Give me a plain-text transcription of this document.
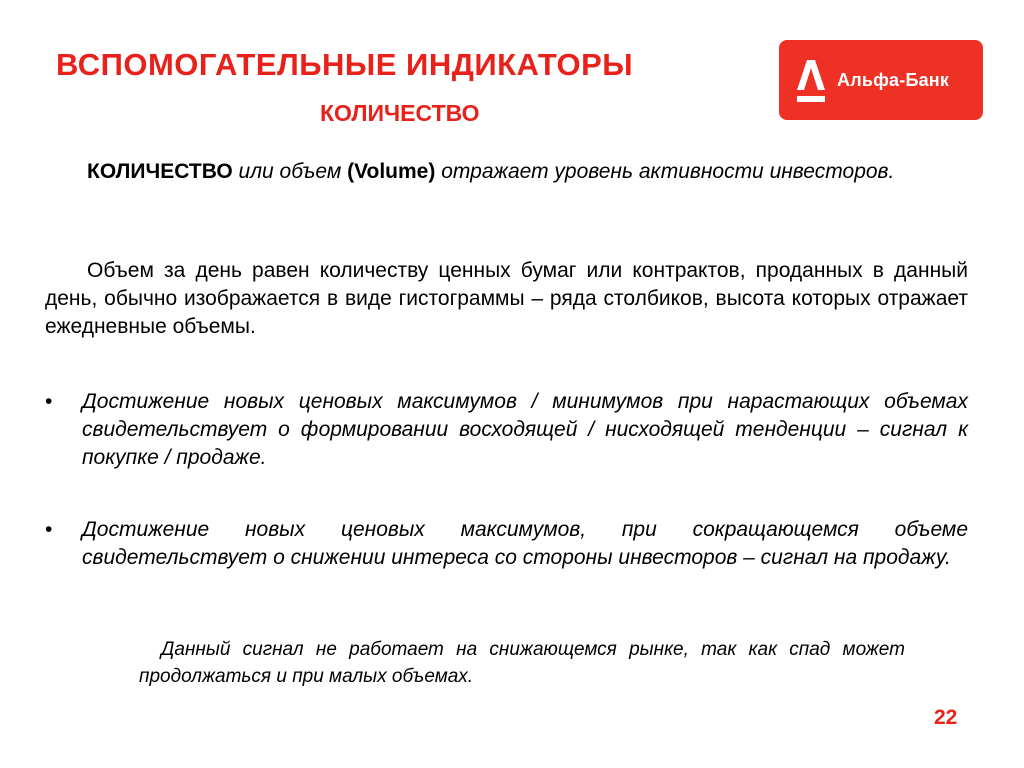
ВСПОМОГАТЕЛЬНЫЕ ИНДИКАТОРЫ
КОЛИЧЕСТВО
Альфа-Банк

КОЛИЧЕСТВО или объем (Volume) отражает уровень активности инвесторов.

Объем за день равен количеству ценных бумаг или контрактов, проданных в данный день, обычно изображается в виде гистограммы – ряда столбиков, высота которых отражает ежедневные объемы.

•	Достижение новых ценовых максимумов / минимумов при нарастающих объемах свидетельствует о формировании восходящей / нисходящей тенденции – сигнал к покупке / продаже.
•	Достижение новых ценовых максимумов, при сокращающемся объеме свидетельствует о снижении интереса со стороны инвесторов – сигнал на продажу.

Данный сигнал не работает на снижающемся рынке, так как спад может продолжаться и при малых объемах.

22
